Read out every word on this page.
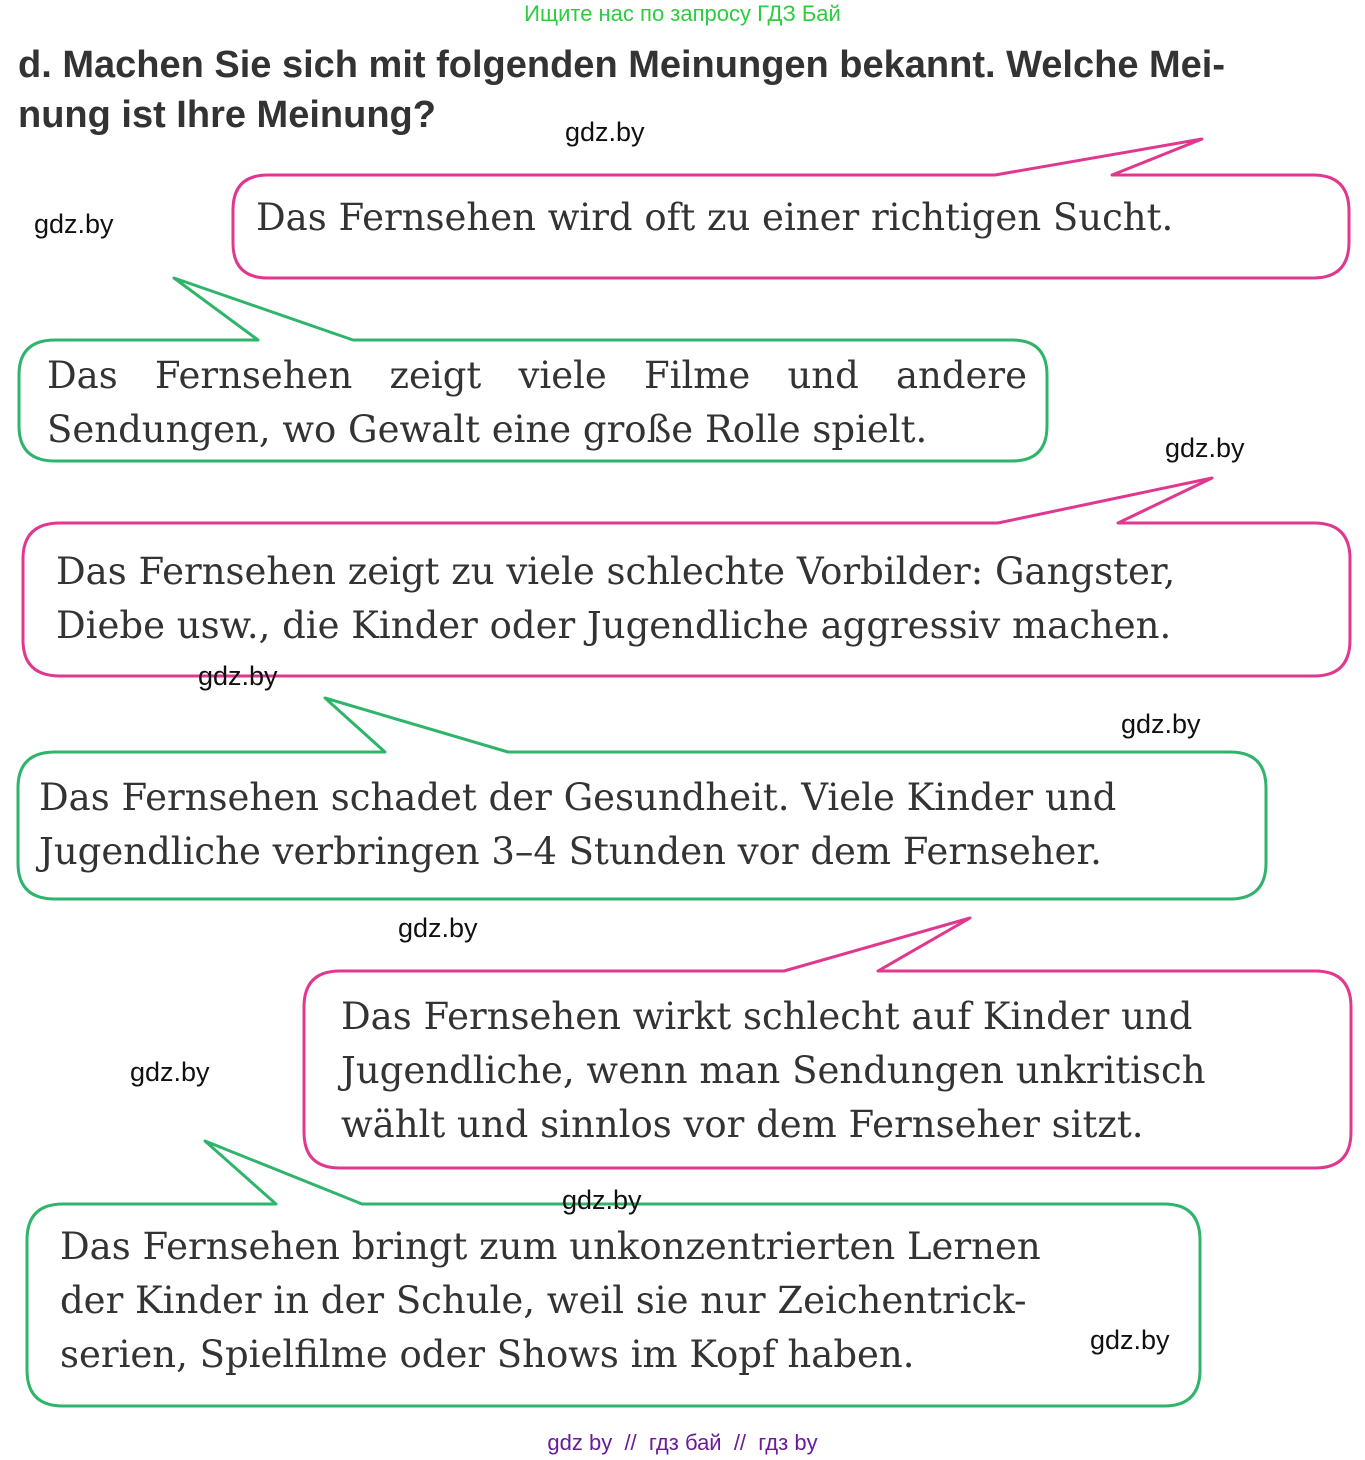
Ищите нас по запросу ГДЗ Бай
d. Machen Sie sich mit folgenden Meinungen bekannt. Welche Mei-
nung ist Ihre Meinung?
Das Fernsehen wird oft zu einer richtigen Sucht.
Das Fernsehen zeigt viele Filme und andere
Sendungen, wo Gewalt eine große Rolle spielt.
Das Fernsehen zeigt zu viele schlechte Vorbilder: Gangster,
Diebe usw., die Kinder oder Jugendliche aggressiv machen.
Das Fernsehen schadet der Gesundheit. Viele Kinder und
Jugendliche verbringen 3–4 Stunden vor dem Fernseher.
Das Fernsehen wirkt schlecht auf Kinder und
Jugendliche, wenn man Sendungen unkritisch
wählt und sinnlos vor dem Fernseher sitzt.
Das Fernsehen bringt zum unkonzentrierten Lernen
der Kinder in der Schule, weil sie nur Zeichentrick-
serien, Spielfilme oder Shows im Kopf haben.
gdz.by
gdz.by
gdz.by
gdz.by
gdz.by
gdz.by
gdz.by
gdz.by
gdz.by
gdz by  //  гдз бай  //  гдз by
